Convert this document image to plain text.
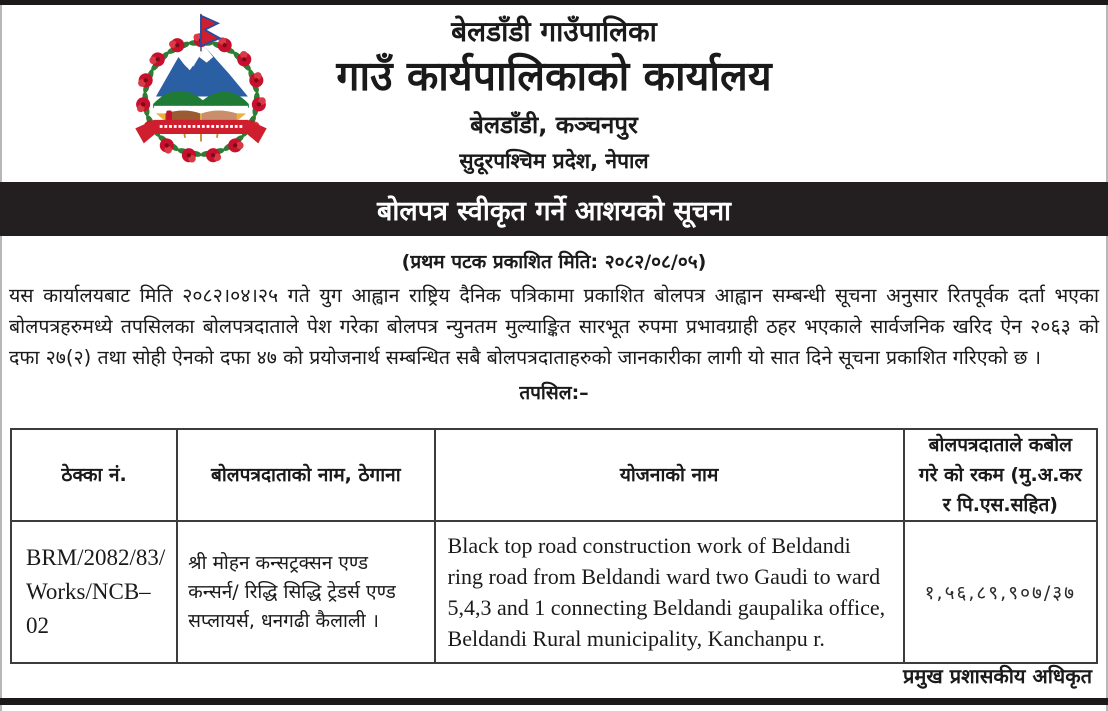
बेलडाँडी गाउँपालिका
गाउँ कार्यपालिकाको कार्यालय
बेलडाँडी, कञ्चनपुर
सुदूरपश्चिम प्रदेश, नेपाल
बोलपत्र स्वीकृत गर्ने आशयको सूचना
(प्रथम पटक प्रकाशित मिति: २०८२/०८/०५)
यस कार्यालयबाट मिति २०८२।०४।२५ गते युग आह्वान राष्ट्रिय दैनिक पत्रिकामा प्रकाशित बोलपत्र आह्वान सम्बन्धी सूचना अनुसार रितपूर्वक दर्ता भएका बोलपत्रहरुमध्ये तपसिलका बोलपत्रदाताले पेश गरेका बोलपत्र न्युनतम मुल्याङ्कित सारभूत रुपमा प्रभावग्राही ठहर भएकाले सार्वजनिक खरिद ऐन २०६३ को दफा २७(२) तथा सोही ऐनको दफा ४७ को प्रयोजनार्थ सम्बन्धित सबै बोलपत्रदाताहरुको जानकारीका लागी यो सात दिने सूचना प्रकाशित गरिएको छ ।
तपसिल:–
ठेक्का नं.	बोलपत्रदाताको नाम, ठेगाना	योजनाको नाम	बोलपत्रदाताले कबोल गरे को रकम (मु.अ.कर र पि.एस.सहित)

BRM/2082/83/
Works/NCB–02	श्री मोहन कन्सट्रक्सन एण्ड कन्सर्न/ रिद्धि सिद्धि ट्रेडर्स एण्ड सप्लायर्स, धनगढी कैलाली ।	Black top road construction work of Beldandi ring road from Beldandi ward two Gaudi to ward 5,4,3 and 1 connecting Beldandi gaupalika office, Beldandi Rural municipality, Kanchanpu r.	१,५६,८९,९०७/३७
प्रमुख प्रशासकीय अधिकृत
